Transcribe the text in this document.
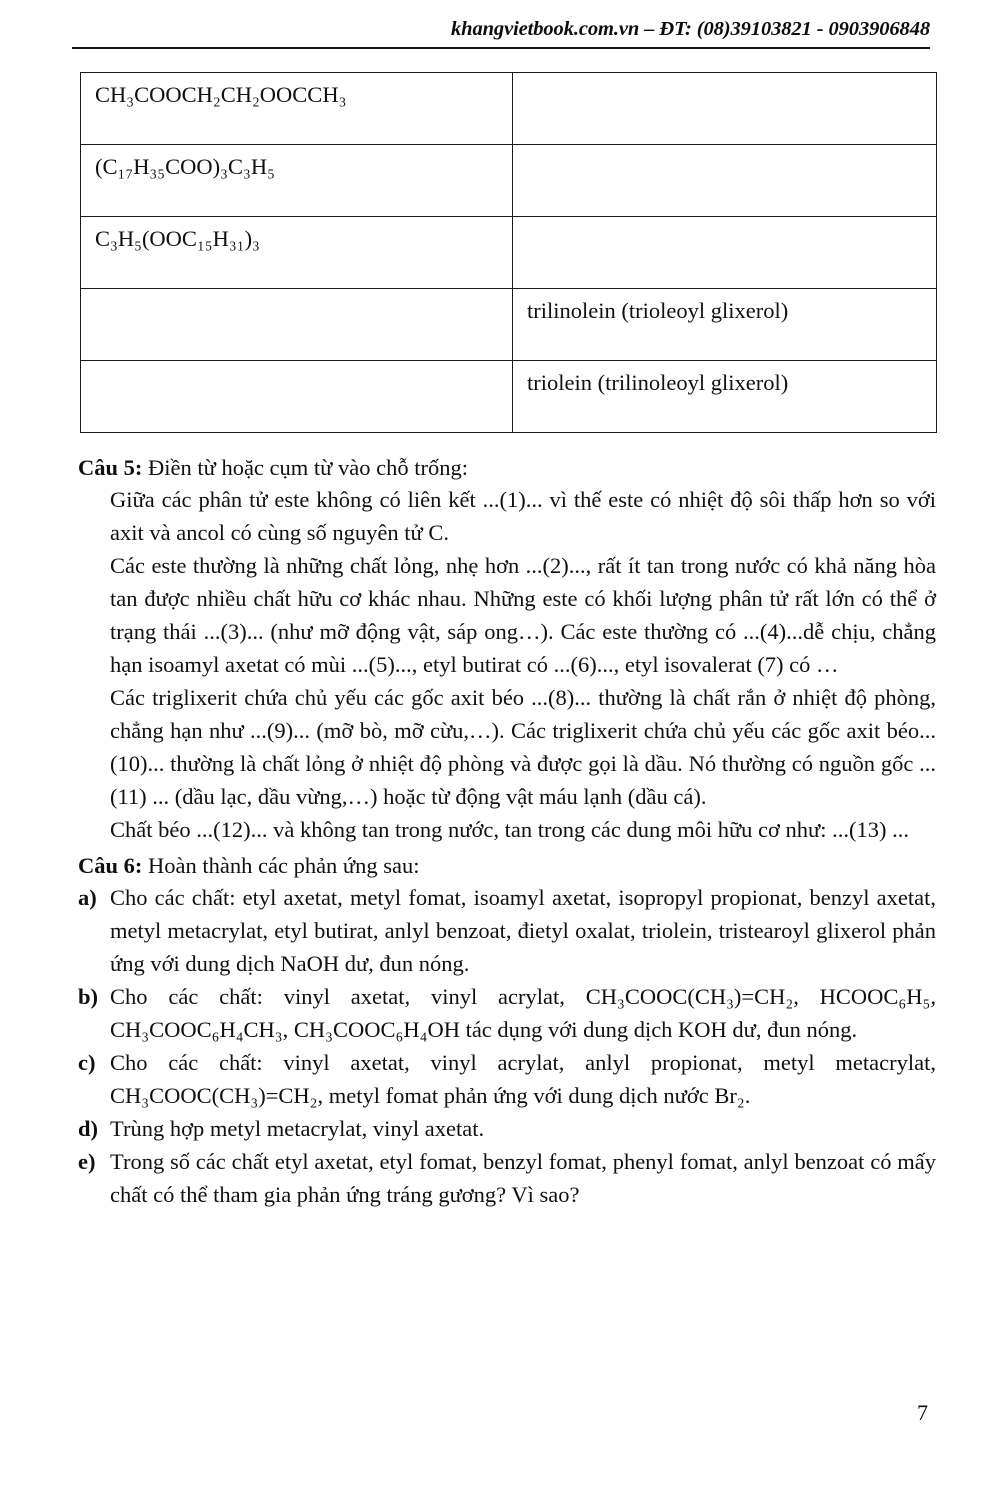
khangvietbook.com.vn – ĐT: (08)39103821 - 0903906848
CH₃COOCH₂CH₂OOCCH₃	
(C₁₇H₃₅COO)₃C₃H₅	
C₃H₅(OOC₁₅H₃₁)₃	
	trilinolein (trioleoyl glixerol)
	triolein (trilinoleoyl glixerol)
Câu 5: Điền từ hoặc cụm từ vào chỗ trống:

Giữa các phân tử este không có liên kết ...(1)... vì thế este có nhiệt độ sôi thấp hơn so với axit và ancol có cùng số nguyên tử C.

Các este thường là những chất lỏng, nhẹ hơn ...(2)..., rất ít tan trong nước có khả năng hòa tan được nhiều chất hữu cơ khác nhau. Những este có khối lượng phân tử rất lớn có thể ở trạng thái ...(3)... (như mỡ động vật, sáp ong…). Các este thường có ...(4)...dễ chịu, chẳng hạn isoamyl axetat có mùi ...(5)..., etyl butirat có ...(6)..., etyl isovalerat (7) có …

Các triglixerit chứa chủ yếu các gốc axit béo ...(8)... thường là chất rắn ở nhiệt độ phòng, chẳng hạn như ...(9)... (mỡ bò, mỡ cừu,…). Các triglixerit chứa chủ yếu các gốc axit béo... (10)... thường là chất lỏng ở nhiệt độ phòng và được gọi là dầu. Nó thường có nguồn gốc ...(11) ... (dầu lạc, dầu vừng,…) hoặc từ động vật máu lạnh (dầu cá).

Chất béo ...(12)... và không tan trong nước, tan trong các dung môi hữu cơ như: ...(13) ...

Câu 6: Hoàn thành các phản ứng sau:
a) Cho các chất: etyl axetat, metyl fomat, isoamyl axetat, isopropyl propionat, benzyl axetat, metyl metacrylat, etyl butirat, anlyl benzoat, đietyl oxalat, triolein, tristearoyl glixerol phản ứng với dung dịch NaOH dư, đun nóng.
b) Cho các chất: vinyl axetat, vinyl acrylat, CH₃COOC(CH₃)=CH₂, HCOOC₆H₅, CH₃COOC₆H₄CH₃, CH₃COOC₆H₄OH tác dụng với dung dịch KOH dư, đun nóng.
c) Cho các chất: vinyl axetat, vinyl acrylat, anlyl propionat, metyl metacrylat, CH₃COOC(CH₃)=CH₂, metyl fomat phản ứng với dung dịch nước Br₂.
d) Trùng hợp metyl metacrylat, vinyl axetat.
e) Trong số các chất etyl axetat, etyl fomat, benzyl fomat, phenyl fomat, anlyl benzoat có mấy chất có thể tham gia phản ứng tráng gương? Vì sao?
7
